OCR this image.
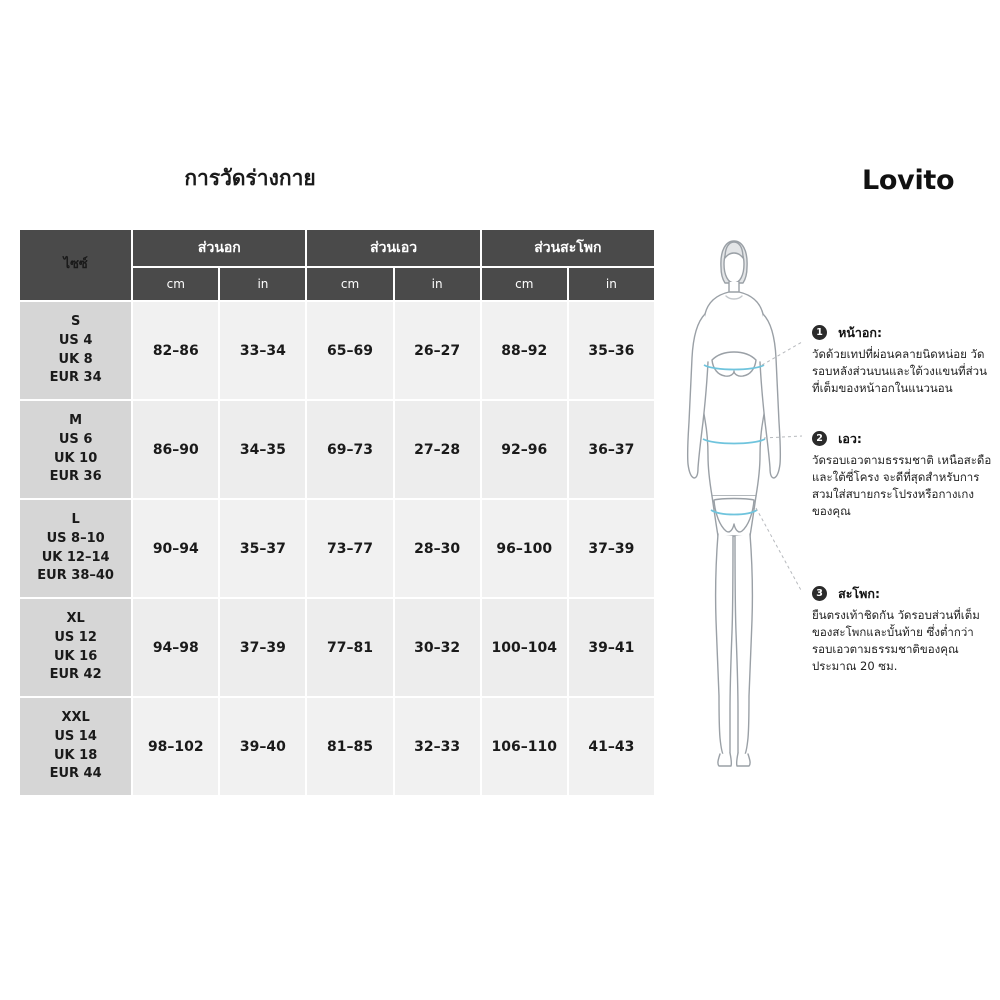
การวัดร่างกาย	Lovito
ไซซ์	ส่วนอก		ส่วนเอว		ส่วนสะโพก	
	cm	in	cm	in	cm	in

S
US 4
UK 8
EUR 34	82–86	33–34	65–69	26–27	88–92	35–36

M
US 6
UK 10
EUR 36	86–90	34–35	69–73	27–28	92–96	36–37

L
US 8–10
UK 12–14
EUR 38–40	90–94	35–37	73–77	28–30	96–100	37–39

XL
US 12
UK 16
EUR 42	94–98	37–39	77–81	30–32	100–104	39–41

XXL
US 14
UK 18
EUR 44	98–102	39–40	81–85	32–33	106–110	41–43
1 หน้าอก:
วัดด้วยเทปที่ผ่อนคลายนิดหน่อย วัดรอบหลังส่วนบนและใต้วงแขนที่ส่วนที่เต็มของหน้าอกในแนวนอน
2 เอว:
วัดรอบเอวตามธรรมชาติ เหนือสะดือและใต้ซี่โครง จะดีที่สุดสำหรับการสวมใส่สบายกระโปรงหรือกางเกงของคุณ
3 สะโพก:
ยืนตรงเท้าชิดกัน วัดรอบส่วนที่เต็มของสะโพกและบั้นท้าย ซึ่งต่ำกว่ารอบเอวตามธรรมชาติของคุณประมาณ 20 ซม.
